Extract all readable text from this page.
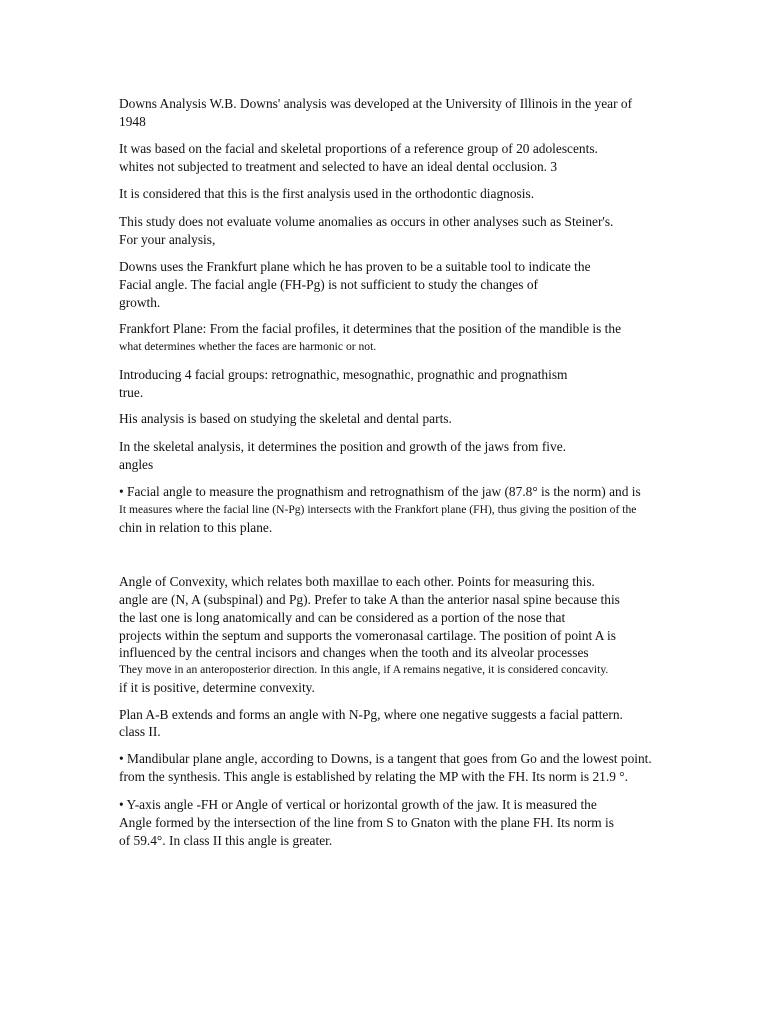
Downs Analysis W.B. Downs' analysis was developed at the University of Illinois in the year of
1948
It was based on the facial and skeletal proportions of a reference group of 20 adolescents.
whites not subjected to treatment and selected to have an ideal dental occlusion. 3
It is considered that this is the first analysis used in the orthodontic diagnosis.
This study does not evaluate volume anomalies as occurs in other analyses such as Steiner's.
For your analysis,
Downs uses the Frankfurt plane which he has proven to be a suitable tool to indicate the
Facial angle. The facial angle (FH-Pg) is not sufficient to study the changes of
growth.
Frankfort Plane: From the facial profiles, it determines that the position of the mandible is the
what determines whether the faces are harmonic or not.
Introducing 4 facial groups: retrognathic, mesognathic, prognathic and prognathism
true.
His analysis is based on studying the skeletal and dental parts.
In the skeletal analysis, it determines the position and growth of the jaws from five.
angles
• Facial angle to measure the prognathism and retrognathism of the jaw (87.8° is the norm) and is
It measures where the facial line (N-Pg) intersects with the Frankfort plane (FH), thus giving the position of the
chin in relation to this plane.
Angle of Convexity, which relates both maxillae to each other. Points for measuring this.
angle are (N, A (subspinal) and Pg). Prefer to take A than the anterior nasal spine because this
the last one is long anatomically and can be considered as a portion of the nose that
projects within the septum and supports the vomeronasal cartilage. The position of point A is
influenced by the central incisors and changes when the tooth and its alveolar processes
They move in an anteroposterior direction. In this angle, if A remains negative, it is considered concavity.
if it is positive, determine convexity.
Plan A-B extends and forms an angle with N-Pg, where one negative suggests a facial pattern.
class II.
• Mandibular plane angle, according to Downs, is a tangent that goes from Go and the lowest point.
from the synthesis. This angle is established by relating the MP with the FH. Its norm is 21.9 °.
• Y-axis angle -FH or Angle of vertical or horizontal growth of the jaw. It is measured the
Angle formed by the intersection of the line from S to Gnaton with the plane FH. Its norm is
of 59.4°. In class II this angle is greater.
